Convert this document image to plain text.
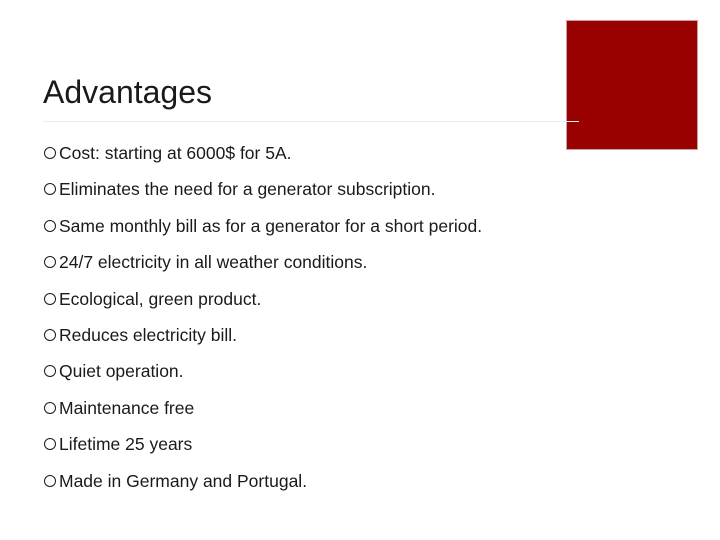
Advantages
Cost: starting at 6000$ for 5A.
Eliminates the need for a generator subscription.
Same monthly bill as for a generator for a short period.
24/7 electricity in all weather conditions.
Ecological, green product.
Reduces electricity bill.
Quiet operation.
Maintenance free
Lifetime 25 years
Made in Germany and Portugal.
